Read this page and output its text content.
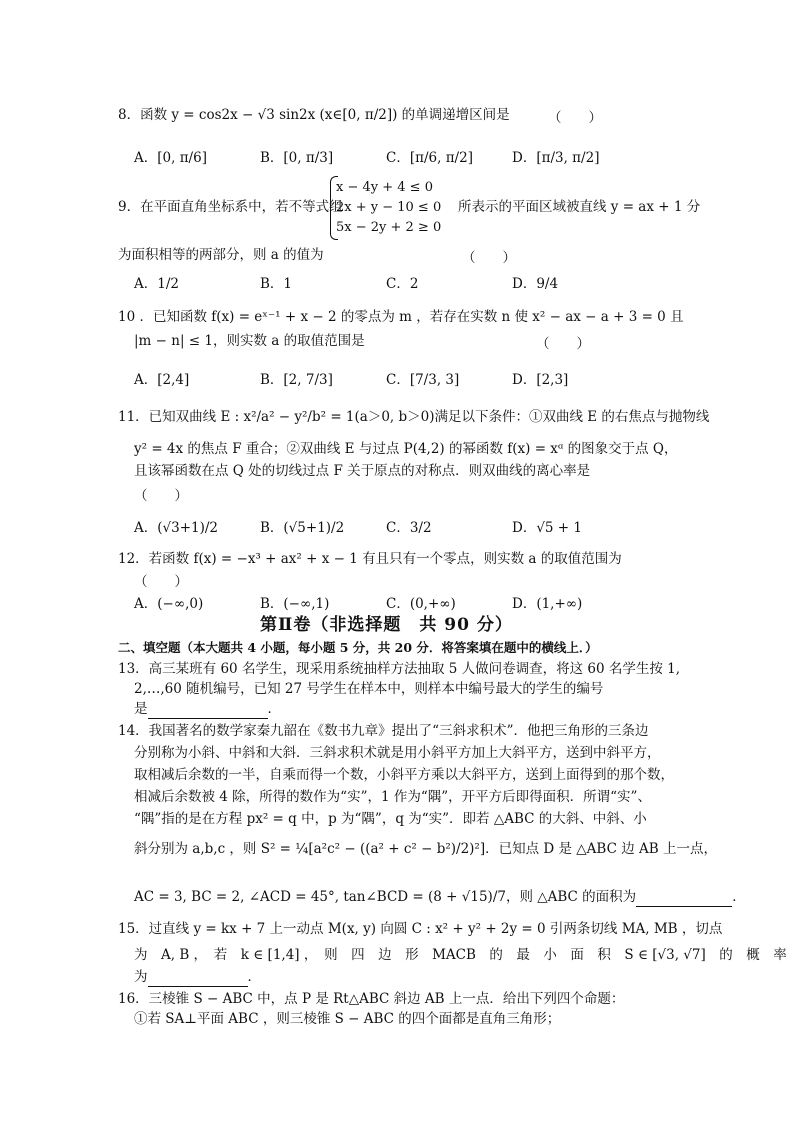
8．函数 y = cos2x − √3 sin2x (x∈[0, π/2]) 的单调递增区间是	（　　）
A．[0, π/6]	B．[0, π/3]	C．[π/6, π/2]	D．[π/3, π/2]
9．在平面直角坐标系中，若不等式组
x − 4y + 4 ≤ 0
2x + y − 10 ≤ 0
5x − 2y + 2 ≥ 0
所表示的平面区域被直线 y = ax + 1 分
为面积相等的两部分，则 a 的值为	（　　）
A．1/2	B．1	C．2	D．9/4
10 ．已知函数 f(x) = eˣ⁻¹ + x − 2 的零点为 m ，若存在实数 n 使 x² − ax − a + 3 = 0 且
|m − n| ≤ 1，则实数 a 的取值范围是	（　　）
A．[2,4]	B．[2, 7/3]	C．[7/3, 3]	D．[2,3]
11．已知双曲线 E : x²/a² − y²/b² = 1(a＞0, b＞0)满足以下条件：①双曲线 E 的右焦点与抛物线
y² = 4x 的焦点 F 重合；②双曲线 E 与过点 P(4,2) 的幂函数 f(x) = xᵅ 的图象交于点 Q，
且该幂函数在点 Q 处的切线过点 F 关于原点的对称点．则双曲线的离心率是
（　　）
A．(√3+1)/2	B．(√5+1)/2	C．3/2	D．√5 + 1
12．若函数 f(x) = −x³ + ax² + x − 1 有且只有一个零点，则实数 a 的取值范围为
（　　）
A．(−∞,0)	B．(−∞,1)	C．(0,+∞)	D．(1,+∞)
第Ⅱ卷（非选择题　共 90 分）
二、填空题（本大题共 4 小题，每小题 5 分，共 20 分．将答案填在题中的横线上．）
13．高三某班有 60 名学生，现采用系统抽样方法抽取 5 人做问卷调查，将这 60 名学生按 1,
2,…,60 随机编号，已知 27 号学生在样本中，则样本中编号最大的学生的编号
是	．
14．我国著名的数学家秦九韶在《数书九章》提出了“三斜求积术”．他把三角形的三条边
分别称为小斜、中斜和大斜．三斜求积术就是用小斜平方加上大斜平方，送到中斜平方，
取相减后余数的一半，自乘而得一个数，小斜平方乘以大斜平方，送到上面得到的那个数，
相减后余数被 4 除，所得的数作为“实”，1 作为“隅”，开平方后即得面积．所谓“实”、
“隅”指的是在方程 px² = q 中，p 为“隅”，q 为“实”．即若 △ABC 的大斜、中斜、小
斜分别为 a,b,c ，则 S² = ¼[a²c² − ((a² + c² − b²)/2)²]．已知点 D 是 △ABC 边 AB 上一点，
AC = 3, BC = 2, ∠ACD = 45°, tan∠BCD = (8 + √15)/7，则 △ABC 的面积为	．
15．过直线 y = kx + 7 上一动点 M(x, y) 向圆 C : x² + y² + 2y = 0 引两条切线 MA, MB ，切点
为　A, B ，　若　k ∈ [1,4] ，　则　四　边　形　MACB　的　最　小　面　积　S ∈ [√3, √7]　的　概　率
为	．
16．三棱锥 S − ABC 中，点 P 是 Rt△ABC 斜边 AB 上一点．给出下列四个命题：
①若 SA⊥平面 ABC ，则三棱锥 S − ABC 的四个面都是直角三角形；
